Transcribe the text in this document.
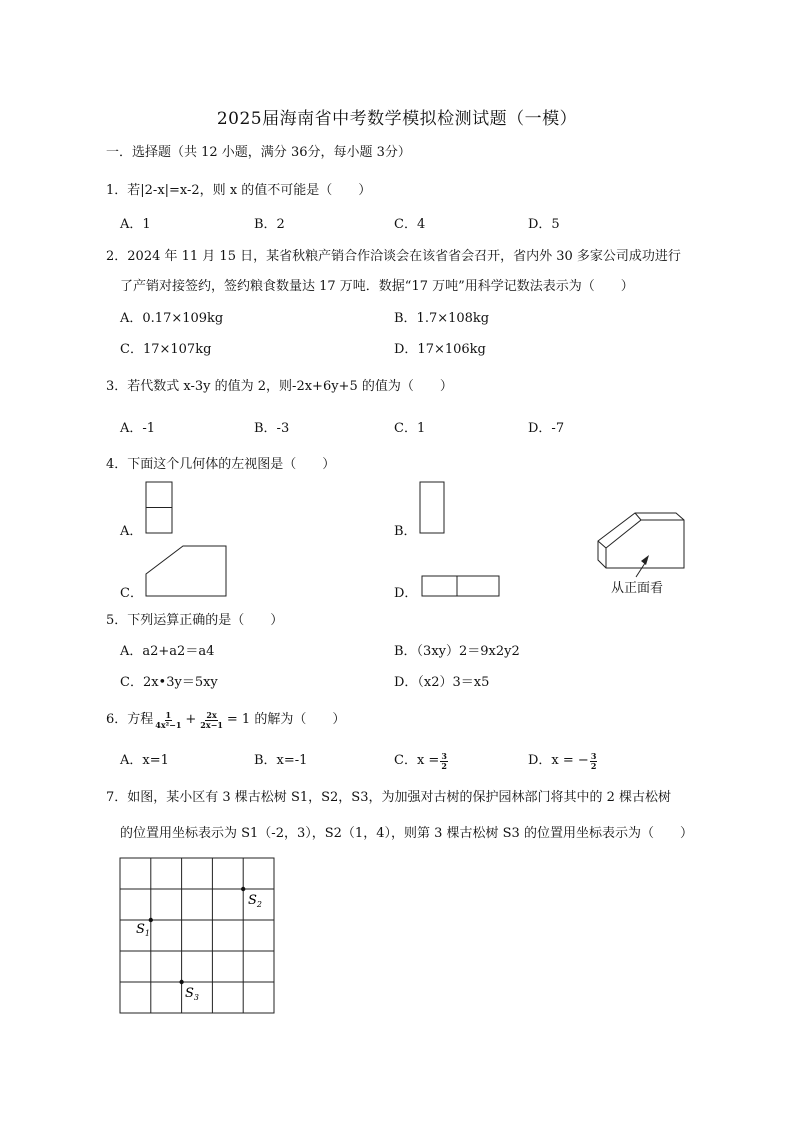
2025届海南省中考数学模拟检测试题（一模）
一．选择题（共 12 小题，满分 36分，每小题 3分）
1．若|2-x|=x-2，则 x 的值不可能是（　　）
A．1	B．2	C．4	D．5
2．2024 年 11 月 15 日，某省秋粮产销合作洽谈会在该省省会召开，省内外 30 多家公司成功进行
了产销对接签约，签约粮食数量达 17 万吨．数据“17 万吨”用科学记数法表示为（　　）
A．0.17×109kg	B．1.7×108kg
C．17×107kg	D．17×106kg
3．若代数式 x-3y 的值为 2，则-2x+6y+5 的值为（　　）
A．-1	B．-3	C．1	D．-7
4．下面这个几何体的左视图是（　　）
A．	B．
C．	D．	从正面看
5．下列运算正确的是（　　）
A．a2+a2＝a4	B．（3xy）2＝9x2y2
C．2x•3y＝5xy	D．（x2）3＝x5
6．方程 $\frac{1}{\text{4x²−1}} + \frac{2x}{2x-1} = 1$ 的解为（　　）
A．x=1	B．x=-1	C．$x = \frac{3}{2}$	D．x = − $\frac{3}{2}$
7．如图，某小区有 3 棵古松树 S1，S2，S3，为加强对古树的保护园林部门将其中的 2 棵古松树
的位置用坐标表示为 S1（-2，3），S2（1，4），则第 3 棵古松树 S3 的位置用坐标表示为（　　）
$S_2$
$S_1$
$S_3$
